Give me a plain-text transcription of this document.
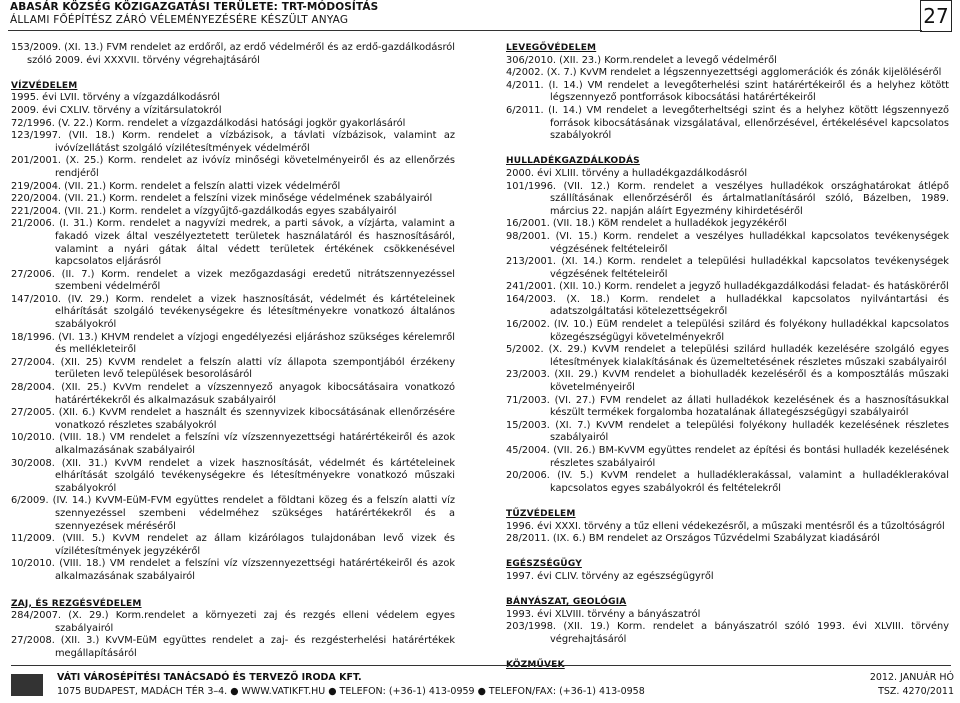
ABASÁR KÖZSÉG KÖZIGAZGATÁSI TERÜLETE: TRT-MÓDOSÍTÁS
ÁLLAMI FŐÉPÍTÉSZ ZÁRÓ VÉLEMÉNYEZÉSÉRE KÉSZÜLT ANYAG	27

153/2009. (XI. 13.) FVM rendelet az erdőről, az erdő védelméről és az erdő-gazdálkodásról szóló 2009. évi XXXVII. törvény végrehajtásáról

VÍZVÉDELEM

1995. évi LVII. törvény a vízgazdálkodásról

2009. évi CXLIV. törvény a vízitársulatokról

72/1996. (V. 22.) Korm. rendelet a vízgazdálkodási hatósági jogkör gyakorlásáról

123/1997. (VII. 18.) Korm. rendelet a vízbázisok, a távlati vízbázisok, valamint az ivóvízellátást szolgáló vízilétesítmények védelméről

201/2001. (X. 25.) Korm. rendelet az ivóvíz minőségi követelményeiről és az ellenőrzés rendjéről

219/2004. (VII. 21.) Korm. rendelet a felszín alatti vizek védelméről

220/2004. (VII. 21.) Korm. rendelet a felszíni vizek minősége védelmének szabályairól

221/2004. (VII. 21.) Korm. rendelet a vízgyűjtő-gazdálkodás egyes szabályairól

21/2006. (I. 31.) Korm. rendelet a nagyvízi medrek, a parti sávok, a vízjárta, valamint a fakadó vizek által veszélyeztetett területek használatáról és hasznosításáról, valamint a nyári gátak által védett területek értékének csökkenésével kapcsolatos eljárásról

27/2006. (II. 7.) Korm. rendelet a vizek mezőgazdasági eredetű nitrátszennyezéssel szembeni védelméről

147/2010. (IV. 29.) Korm. rendelet a vizek hasznosítását, védelmét és kártételeinek elhárítását szolgáló tevékenységekre és létesítményekre vonatkozó általános szabályokról

18/1996. (VI. 13.) KHVM rendelet a vízjogi engedélyezési eljáráshoz szükséges kérelemről és mellékleteiről

27/2004. (XII. 25) KvVM rendelet a felszín alatti víz állapota szempontjából érzékeny területen levő települések besorolásáról

28/2004. (XII. 25.) KvVm rendelet a vízszennyező anyagok kibocsátásaira vonatkozó határértékekről és alkalmazásuk szabályairól

27/2005. (XII. 6.) KvVM rendelet a használt és szennyvizek kibocsátásának ellenőrzésére vonatkozó részletes szabályokról

10/2010. (VIII. 18.) VM rendelet a felszíni víz vízszennyezettségi határértékeiről és azok alkalmazásának szabályairól

30/2008. (XII. 31.) KvVM rendelet a vizek hasznosítását, védelmét és kártételeinek elhárítását szolgáló tevékenységekre és létesítményekre vonatkozó műszaki szabályokról

6/2009. (IV. 14.) KvVM-EüM-FVM együttes rendelet a földtani közeg és a felszín alatti víz szennyezéssel szembeni védelméhez szükséges határértékekről és a szennyezések méréséről

11/2009. (VIII. 5.) KvVM rendelet az állam kizárólagos tulajdonában levő vizek és vízilétesítmények jegyzékéről

10/2010. (VIII. 18.) VM rendelet a felszíni víz vízszennyezettségi határértékeiről és azok alkalmazásának szabályairól

ZAJ, ÉS REZGÉSVÉDELEM

284/2007. (X. 29.) Korm.rendelet a környezeti zaj és rezgés elleni védelem egyes szabályairól

27/2008. (XII. 3.) KvVM-EüM együttes rendelet a zaj- és rezgésterhelési határértékek megállapításáról

LEVEGŐVÉDELEM

306/2010. (XII. 23.) Korm.rendelet a levegő védelméről

4/2002. (X. 7.) KvVM rendelet a légszennyezettségi agglomerációk és zónák kijelöléséről

4/2011. (I. 14.) VM rendelet a levegőterhelési szint határértékeiről és a helyhez kötött légszennyező pontforrások kibocsátási határértékeiről

6/2011. (I. 14.) VM rendelet a levegőterheltségi szint és a helyhez kötött légszennyező források kibocsátásának vizsgálatával, ellenőrzésével, értékelésével kapcsolatos szabályokról

HULLADÉKGAZDÁLKODÁS

2000. évi XLIII. törvény a hulladékgazdálkodásról

101/1996. (VII. 12.) Korm. rendelet a veszélyes hulladékok országhatárokat átlépő szállításának ellenőrzéséről és ártalmatlanításáról szóló, Bázelben, 1989. március 22. napján aláírt Egyezmény kihirdetéséről

16/2001. (VII. 18.) KöM rendelet a hulladékok jegyzékéről

98/2001. (VI. 15.) Korm. rendelet a veszélyes hulladékkal kapcsolatos tevékenységek végzésének feltételeiről

213/2001. (XI. 14.) Korm. rendelet a települési hulladékkal kapcsolatos tevékenységek végzésének feltételeiről

241/2001. (XII. 10.) Korm. rendelet a jegyző hulladékgazdálkodási feladat- és hatásköréről

164/2003. (X. 18.) Korm. rendelet a hulladékkal kapcsolatos nyilvántartási és adatszolgáltatási kötelezettségekről

16/2002. (IV. 10.) EüM rendelet a települési szilárd és folyékony hulladékkal kapcsolatos közegészségügyi követelményekről

5/2002. (X. 29.) KvVM rendelet a települési szilárd hulladék kezelésére szolgáló egyes létesítmények kialakításának és üzemeltetésének részletes műszaki szabályairól

23/2003. (XII. 29.) KvVM rendelet a biohulladék kezeléséről és a komposztálás műszaki követelményeiről

71/2003. (VI. 27.) FVM rendelet az állati hulladékok kezelésének és a hasznosításukkal készült termékek forgalomba hozatalának állategészségügyi szabályairól

15/2003. (XI. 7.) KvVM rendelet a települési folyékony hulladék kezelésének részletes szabályairól

45/2004. (VII. 26.) BM-KvVM együttes rendelet az építési és bontási hulladék kezelésének részletes szabályairól

20/2006. (IV. 5.) KvVM rendelet a hulladéklerakással, valamint a hulladéklerakóval kapcsolatos egyes szabályokról és feltételekről

TŰZVÉDELEM

1996. évi XXXI. törvény a tűz elleni védekezésről, a műszaki mentésről és a tűzoltóságról

28/2011. (IX. 6.) BM rendelet az Országos Tűzvédelmi Szabályzat kiadásáról

EGÉSZSÉGÜGY

1997. évi CLIV. törvény az egészségügyről

BÁNYÁSZAT, GEOLÓGIA

1993. évi XLVIII. törvény a bányászatról

203/1998. (XII. 19.) Korm. rendelet a bányászatról szóló 1993. évi XLVIII. törvény végrehajtásáról

KÖZMŰVEK

VÁTI VÁROSÉPÍTÉSI TANÁCSADÓ ÉS TERVEZŐ IRODA KFT.
1075 BUDAPEST, MADÁCH TÉR 3–4. ● WWW.VATIKFT.HU ● TELEFON: (+36-1) 413-0959 ● TELEFON/FAX: (+36-1) 413-0958
2012. JANUÁR HÓ
TSZ. 4270/2011
